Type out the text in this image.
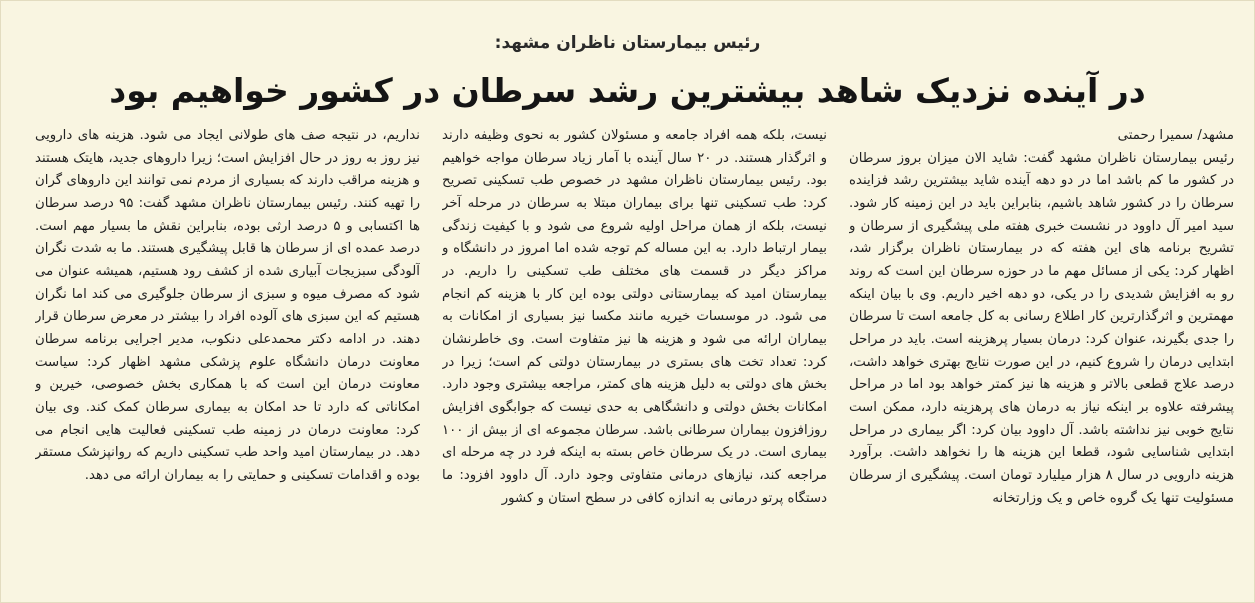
رئیس بیمارستان ناظران مشهد:
در آینده نزدیک شاهد بیشترین رشد سرطان در کشور خواهیم بود
مشهد/ سمیرا رحمتی

رئیس بیمارستان ناظران مشهد گفت: شاید الان میزان بروز سرطان در کشور ما کم باشد اما در دو دهه آینده شاید بیشترین رشد فزاینده سرطان را در کشور شاهد باشیم، بنابراین باید در این زمینه کار شود. سید امیر آل داوود در نشست خبری هفته ملی پیشگیری از سرطان و تشریح برنامه های این هفته که در بیمارستان ناظران برگزار شد، اظهار کرد: یکی از مسائل مهم ما در حوزه سرطان این است که روند رو به افزایش شدیدی را در یکی، دو دهه اخیر داریم. وی با بیان اینکه مهمترین و اثرگذارترین کار اطلاع رسانی به کل جامعه است تا سرطان را جدی بگیرند، عنوان کرد: درمان بسیار پرهزینه است. باید در مراحل ابتدایی درمان را شروع کنیم، در این صورت نتایج بهتری خواهد داشت، درصد علاج قطعی بالاتر و هزینه ها نیز کمتر خواهد بود اما در مراحل پیشرفته علاوه بر اینکه نیاز به درمان های پرهزینه دارد، ممکن است نتایج خوبی نیز نداشته باشد. آل داوود بیان کرد: اگر بیماری در مراحل ابتدایی شناسایی شود، قطعا این هزینه ها را نخواهد داشت. برآورد هزینه دارویی در سال ۸ هزار میلیارد تومان است. پیشگیری از سرطان مسئولیت تنها یک گروه خاص و یک وزارتخانه

نیست، بلکه همه افراد جامعه و مسئولان کشور به نحوی وظیفه دارند و اثرگذار هستند. در ۲۰ سال آینده با آمار زیاد سرطان مواجه خواهیم بود. رئیس بیمارستان ناظران مشهد در خصوص طب تسکینی تصریح کرد: طب تسکینی تنها برای بیماران مبتلا به سرطان در مرحله آخر نیست، بلکه از همان مراحل اولیه شروع می شود و با کیفیت زندگی بیمار ارتباط دارد. به این مساله کم توجه شده اما امروز در دانشگاه و مراکز دیگر در قسمت های مختلف طب تسکینی را داریم. در بیمارستان امید که بیمارستانی دولتی بوده این کار با هزینه کم انجام می شود. در موسسات خیریه مانند مکسا نیز بسیاری از امکانات به بیماران ارائه می شود و هزینه ها نیز متفاوت است. وی خاطرنشان کرد: تعداد تخت های بستری در بیمارستان دولتی کم است؛ زیرا در بخش های دولتی به دلیل هزینه های کمتر، مراجعه بیشتری وجود دارد. امکانات بخش دولتی و دانشگاهی به حدی نیست که جوابگوی افزایش روزافزون بیماران سرطانی باشد. سرطان مجموعه ای از بیش از ۱۰۰ بیماری است. در یک سرطان خاص بسته به اینکه فرد در چه مرحله ای مراجعه کند، نیازهای درمانی متفاوتی وجود دارد. آل داوود افزود: ما دستگاه پرتو درمانی به اندازه کافی در سطح استان و کشور

نداریم، در نتیجه صف های طولانی ایجاد می شود. هزینه های دارویی نیز روز به روز در حال افزایش است؛ زیرا داروهای جدید، هایتک هستند و هزینه مراقب دارند که بسیاری از مردم نمی توانند این داروهای گران را تهیه کنند. رئیس بیمارستان ناظران مشهد گفت: ۹۵ درصد سرطان ها اکتسابی و ۵ درصد ارثی بوده، بنابراین نقش ما بسیار مهم است. درصد عمده ای از سرطان ها قابل پیشگیری هستند. ما به شدت نگران آلودگی سبزیجات آبیاری شده از کشف رود هستیم، همیشه عنوان می شود که مصرف میوه و سبزی از سرطان جلوگیری می کند اما نگران هستیم که این سبزی های آلوده افراد را بیشتر در معرض سرطان قرار دهند. در ادامه دکتر محمدعلی دنکوب، مدیر اجرایی برنامه سرطان معاونت درمان دانشگاه علوم پزشکی مشهد اظهار کرد: سیاست معاونت درمان این است که با همکاری بخش خصوصی، خیرین و امکاناتی که دارد تا حد امکان به بیماری سرطان کمک کند. وی بیان کرد: معاونت درمان در زمینه طب تسکینی فعالیت هایی انجام می دهد. در بیمارستان امید واحد طب تسکینی داریم که روانپزشک مستقر بوده و اقدامات تسکینی و حمایتی را به بیماران ارائه می دهد.
